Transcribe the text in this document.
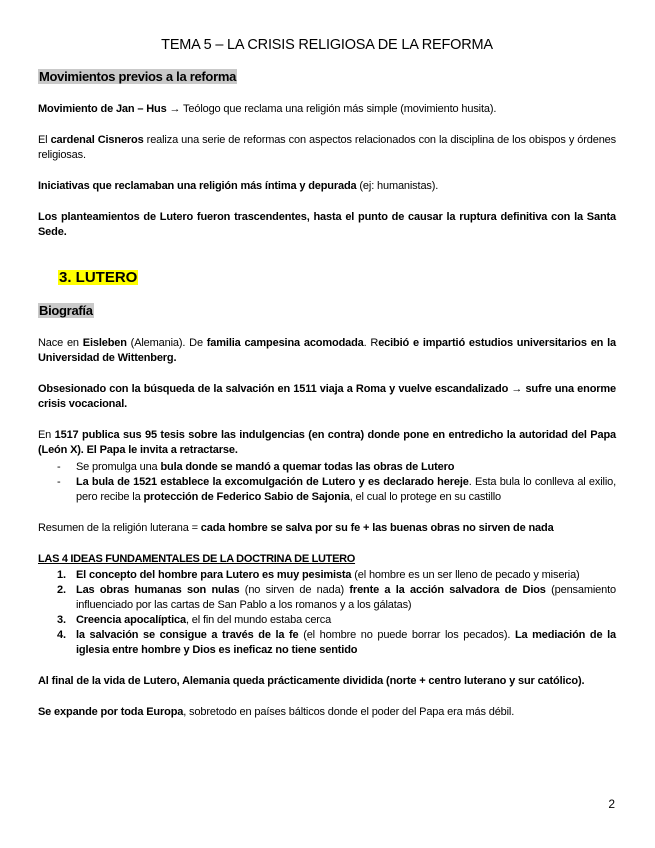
TEMA 5 – LA CRISIS RELIGIOSA DE LA REFORMA
Movimientos previos a la reforma

Movimiento de Jan – Hus → Teólogo que reclama una religión más simple (movimiento husita).

El cardenal Cisneros realiza una serie de reformas con aspectos relacionados con la disciplina de los obispos y órdenes religiosas.

Iniciativas que reclamaban una religión más íntima y depurada (ej: humanistas).

Los planteamientos de Lutero fueron trascendentes, hasta el punto de causar la ruptura definitiva con la Santa Sede.

3. LUTERO
Biografía

Nace en Eisleben (Alemania). De familia campesina acomodada. Recibió e impartió estudios universitarios en la Universidad de Wittenberg.

Obsesionado con la búsqueda de la salvación en 1511 viaja a Roma y vuelve escandalizado → sufre una enorme crisis vocacional.

En 1517 publica sus 95 tesis sobre las indulgencias (en contra) donde pone en entredicho la autoridad del Papa (León X). El Papa le invita a retractarse.

- Se promulga una bula donde se mandó a quemar todas las obras de Lutero
- La bula de 1521 establece la excomulgación de Lutero y es declarado hereje. Esta bula lo conlleva al exilio, pero recibe la protección de Federico Sabio de Sajonia, el cual lo protege en su castillo

Resumen de la religión luterana = cada hombre se salva por su fe + las buenas obras no sirven de nada

LAS 4 IDEAS FUNDAMENTALES DE LA DOCTRINA DE LUTERO
1. El concepto del hombre para Lutero es muy pesimista (el hombre es un ser lleno de pecado y miseria)
2. Las obras humanas son nulas (no sirven de nada) frente a la acción salvadora de Dios (pensamiento influenciado por las cartas de San Pablo a los romanos y a los gálatas)
3. Creencia apocalíptica, el fin del mundo estaba cerca
4. la salvación se consigue a través de la fe (el hombre no puede borrar los pecados). La mediación de la iglesia entre hombre y Dios es ineficaz no tiene sentido

Al final de la vida de Lutero, Alemania queda prácticamente dividida (norte + centro luterano y sur católico).

Se expande por toda Europa, sobretodo en países bálticos donde el poder del Papa era más débil.

2
